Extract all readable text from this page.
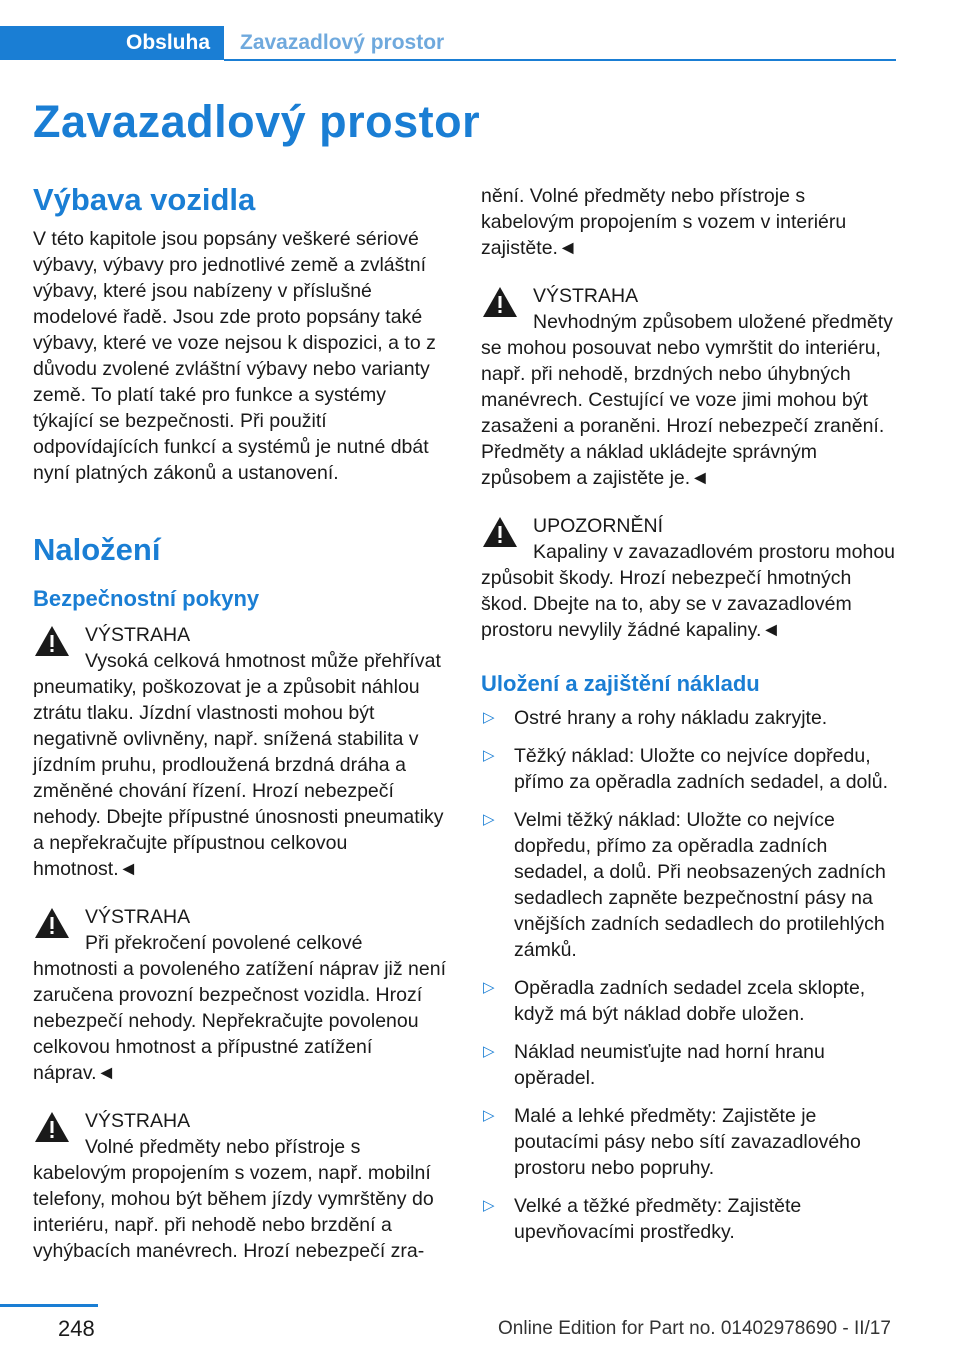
Obsluha	Zavazadlový prostor
Zavazadlový prostor
Výbava vozidla

V této kapitole jsou popsány veškeré sériové výbavy, výbavy pro jednotlivé země a zvláštní výbavy, které jsou nabízeny v příslušné modelové řadě. Jsou zde proto popsány také výbavy, které ve voze nejsou k dispozici, a to z důvodu zvolené zvláštní výbavy nebo varianty země. To platí také pro funkce a systémy týkající se bezpečnosti. Při použití odpovídajících funkcí a systémů je nutné dbát nyní platných zákonů a ustanovení.

Naložení
Bezpečnostní pokyny
VÝSTRAHA
Vysoká celková hmotnost může přehřívat pneumatiky, poškozovat je a způsobit náhlou ztrátu tlaku. Jízdní vlastnosti mohou být negativně ovlivněny, např. snížená stabilita v jízdním pruhu, prodloužená brzdná dráha a změněné chování řízení. Hrozí nebezpečí nehody. Dbejte přípustné únosnosti pneumatiky a nepřekračujte přípustnou celkovou hmotnost.◄
VÝSTRAHA
Při překročení povolené celkové hmotnosti a povoleného zatížení náprav již není zaručena provozní bezpečnost vozidla. Hrozí nebezpečí nehody. Nepřekračujte povolenou celkovou hmotnost a přípustné zatížení náprav.◄
VÝSTRAHA
Volné předměty nebo přístroje s kabelovým propojením s vozem, např. mobilní telefony, mohou být během jízdy vymrštěny do interiéru, např. při nehodě nebo brzdění a vyhýbacích manévrech. Hrozí nebezpečí zra-

nění. Volné předměty nebo přístroje s kabelovým propojením s vozem v interiéru zajistěte.◄

VÝSTRAHA
Nevhodným způsobem uložené předměty se mohou posouvat nebo vymrštit do interiéru, např. při nehodě, brzdných nebo úhybných manévrech. Cestující ve voze jimi mohou být zasaženi a poraněni. Hrozí nebezpečí zranění. Předměty a náklad ukládejte správným způsobem a zajistěte je.◄
UPOZORNĚNÍ
Kapaliny v zavazadlovém prostoru mohou způsobit škody. Hrozí nebezpečí hmotných škod. Dbejte na to, aby se v zavazadlovém prostoru nevylily žádné kapaliny.◄
Uložení a zajištění nákladu
▷ Ostré hrany a rohy nákladu zakryjte.
▷ Těžký náklad: Uložte co nejvíce dopředu, přímo za opěradla zadních sedadel, a dolů.
▷ Velmi těžký náklad: Uložte co nejvíce dopředu, přímo za opěradla zadních sedadel, a dolů. Při neobsazených zadních sedadlech zapněte bezpečnostní pásy na vnějších zadních sedadlech do protilehlých zámků.
▷ Opěradla zadních sedadel zcela sklopte, když má být náklad dobře uložen.
▷ Náklad neumisťujte nad horní hranu opěradel.
▷ Malé a lehké předměty: Zajistěte je poutacími pásy nebo sítí zavazadlového prostoru nebo popruhy.
▷ Velké a těžké předměty: Zajistěte upevňovacími prostředky.
248	Online Edition for Part no. 01402978690 - II/17
